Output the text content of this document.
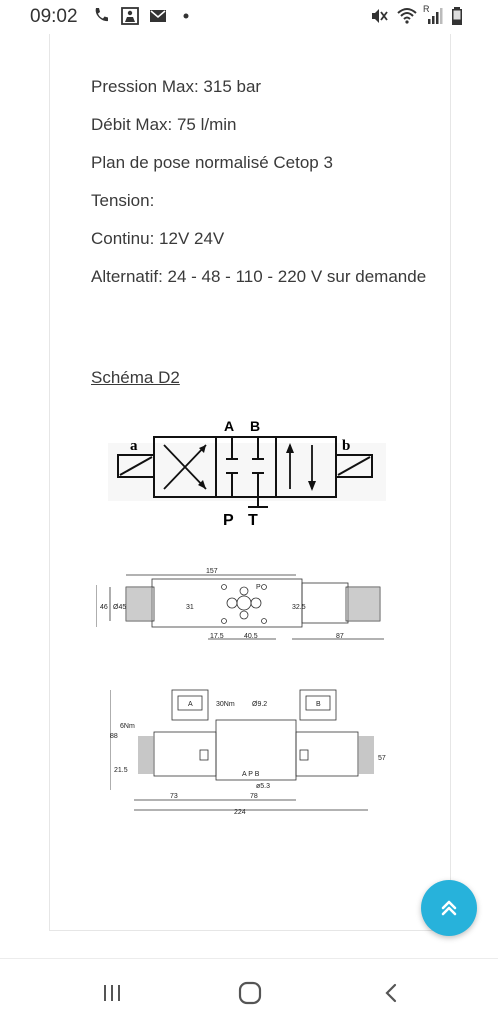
09:02	R
Pression Max: 315 bar
Débit Max: 75 l/min
Plan de pose normalisé Cetop 3
Tension:
Continu: 12V 24V
Alternatif: 24 - 48 - 110 - 220 V sur demande
Schéma D2
a
A B
P T
b
157
46 Ø45	31	32.5
17.5	40.5	87
P
30Nm Ø9.2
6Nm
88
21.5
57
73	78
224
ø5.3
A P B
A	B
